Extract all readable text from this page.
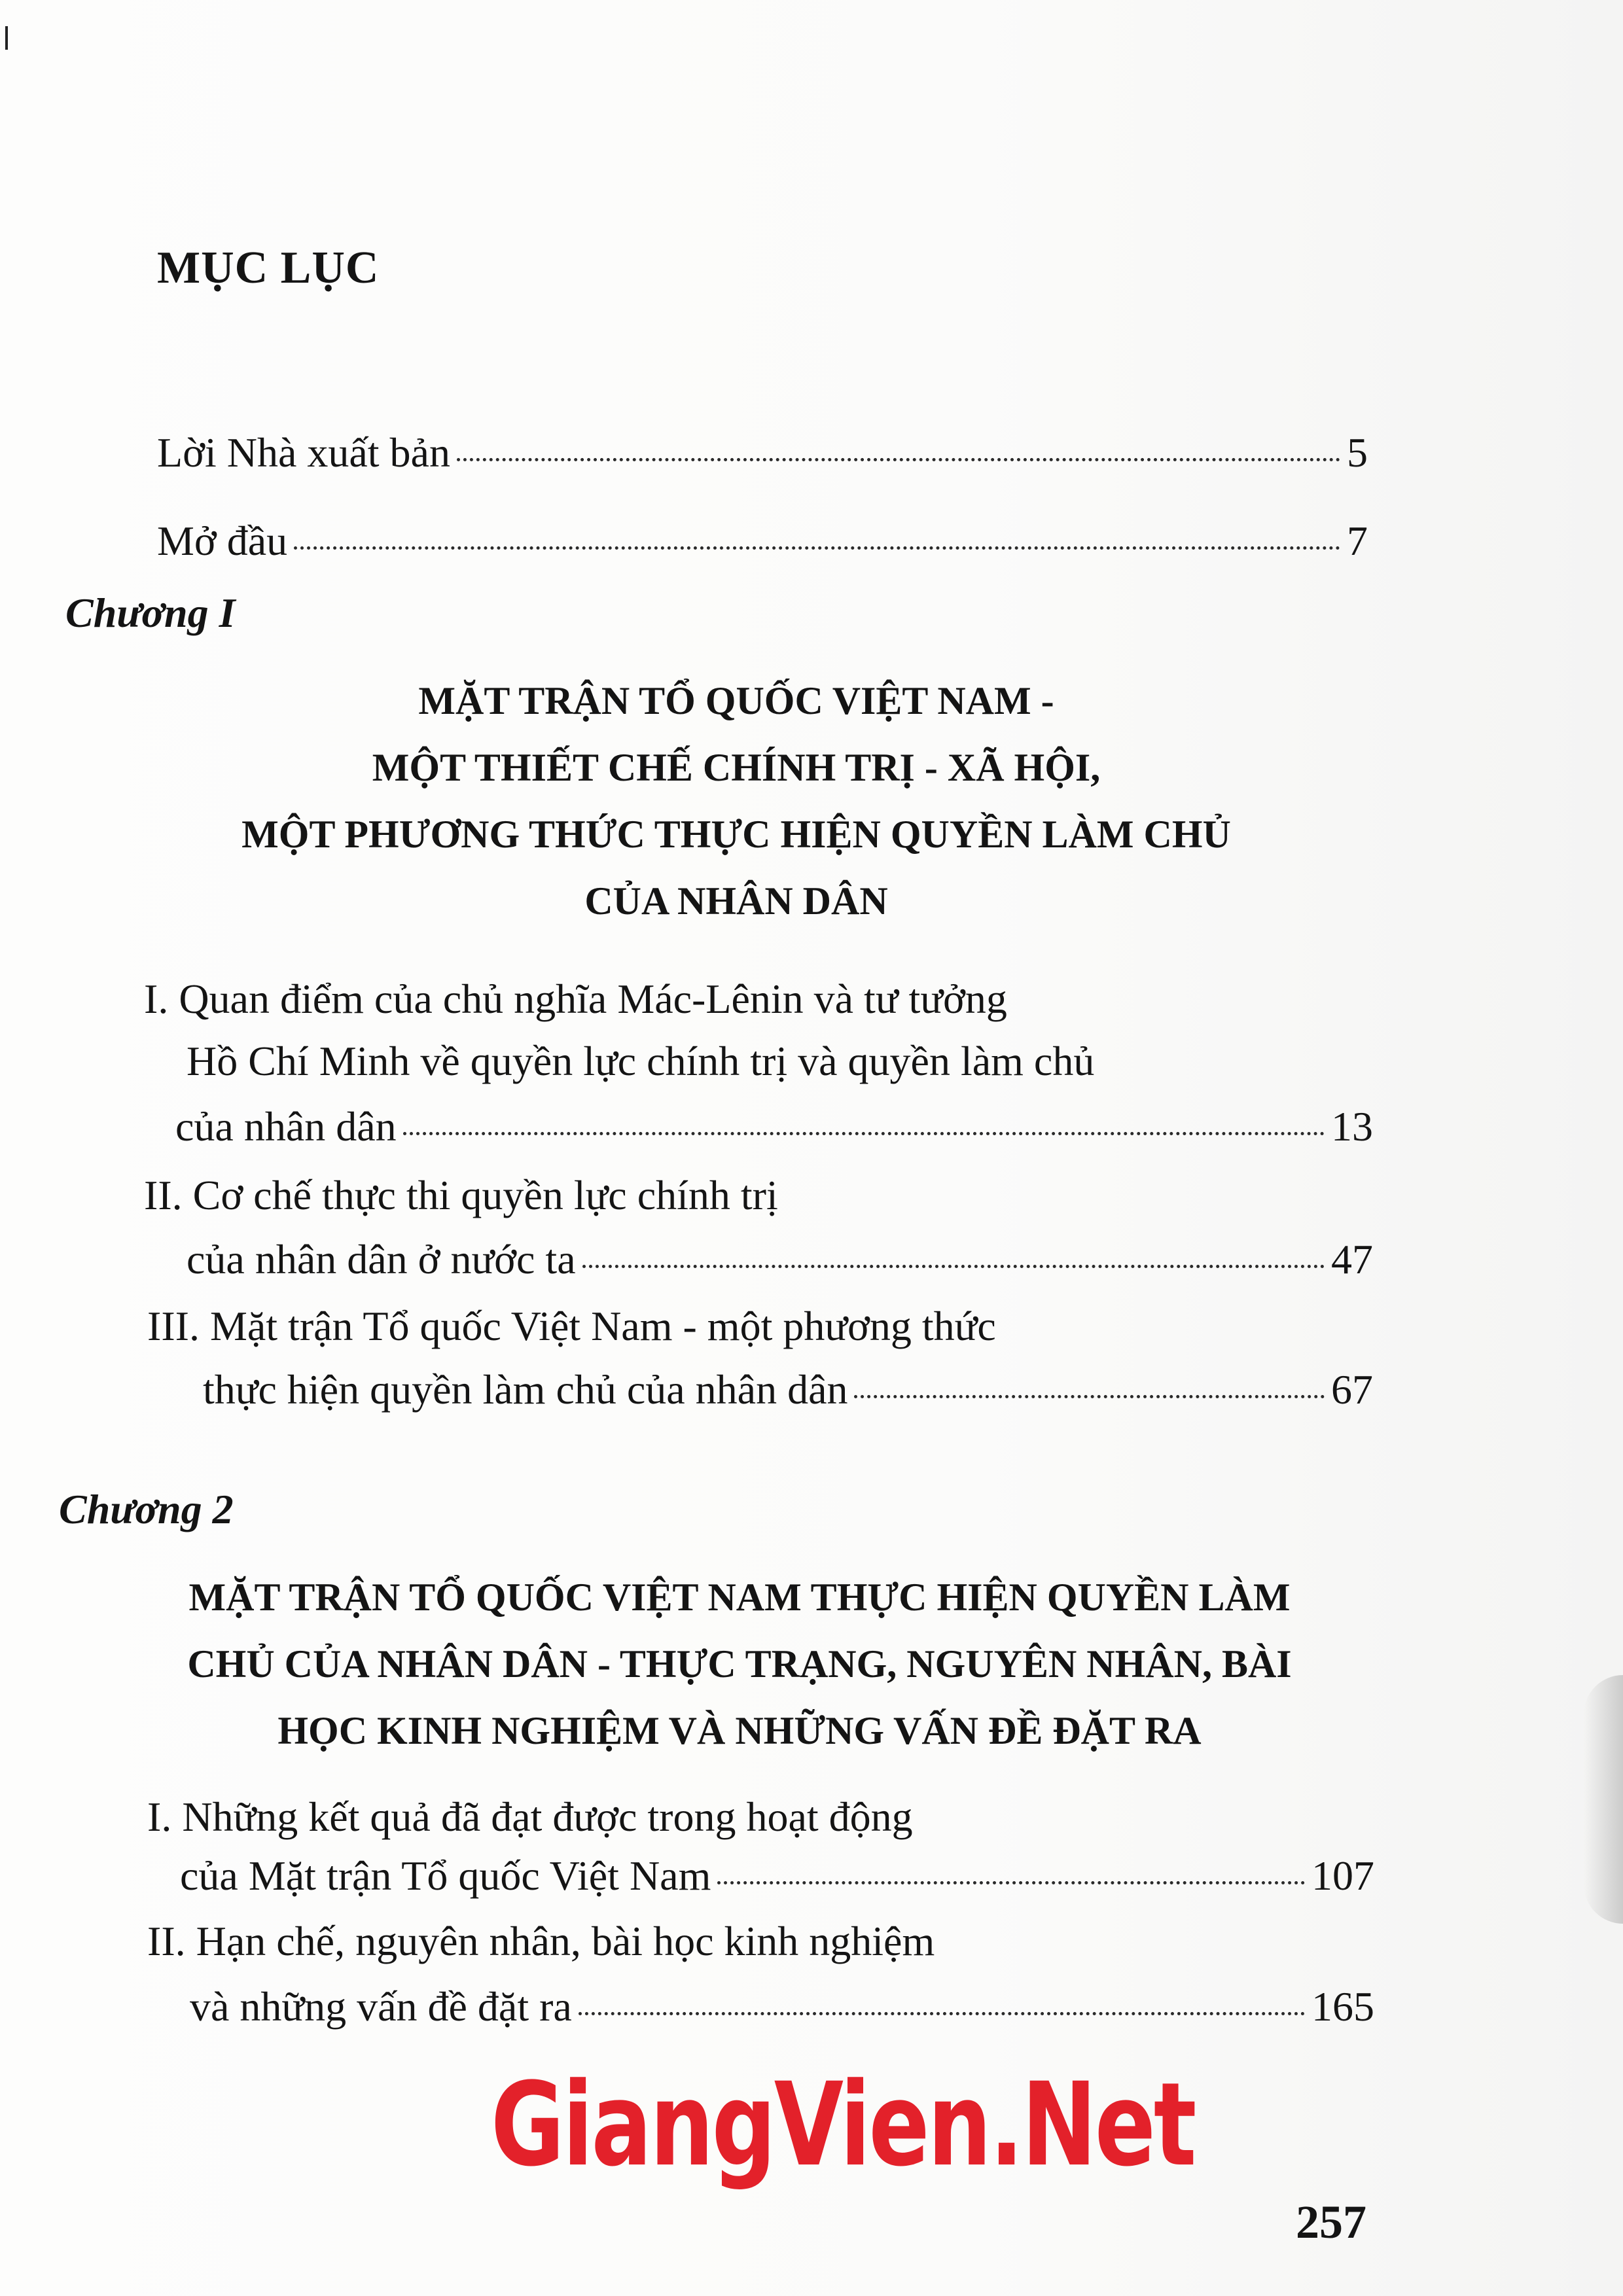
MỤC LỤC
Lời Nhà xuất bản	5
Mở đầu	7
Chương I
MẶT TRẬN TỔ QUỐC VIỆT NAM -
MỘT THIẾT CHẾ CHÍNH TRỊ - XÃ HỘI,
MỘT PHƯƠNG THỨC THỰC HIỆN QUYỀN LÀM CHỦ
CỦA NHÂN DÂN
I. Quan điểm của chủ nghĩa Mác-Lênin và tư tưởng
Hồ Chí Minh về quyền lực chính trị và quyền làm chủ
của nhân dân	13
II. Cơ chế thực thi quyền lực chính trị
của nhân dân ở nước ta	47
III. Mặt trận Tổ quốc Việt Nam - một phương thức
thực hiện quyền làm chủ của nhân dân	67
Chương 2
MẶT TRẬN TỔ QUỐC VIỆT NAM THỰC HIỆN QUYỀN LÀM
CHỦ CỦA NHÂN DÂN - THỰC TRẠNG, NGUYÊN NHÂN, BÀI
HỌC KINH NGHIỆM VÀ NHỮNG VẤN ĐỀ ĐẶT RA
I. Những kết quả đã đạt được trong hoạt động
của Mặt trận Tổ quốc Việt Nam	107
II. Hạn chế, nguyên nhân, bài học kinh nghiệm
và những vấn đề đặt ra	165
GiangVien.Net
257
